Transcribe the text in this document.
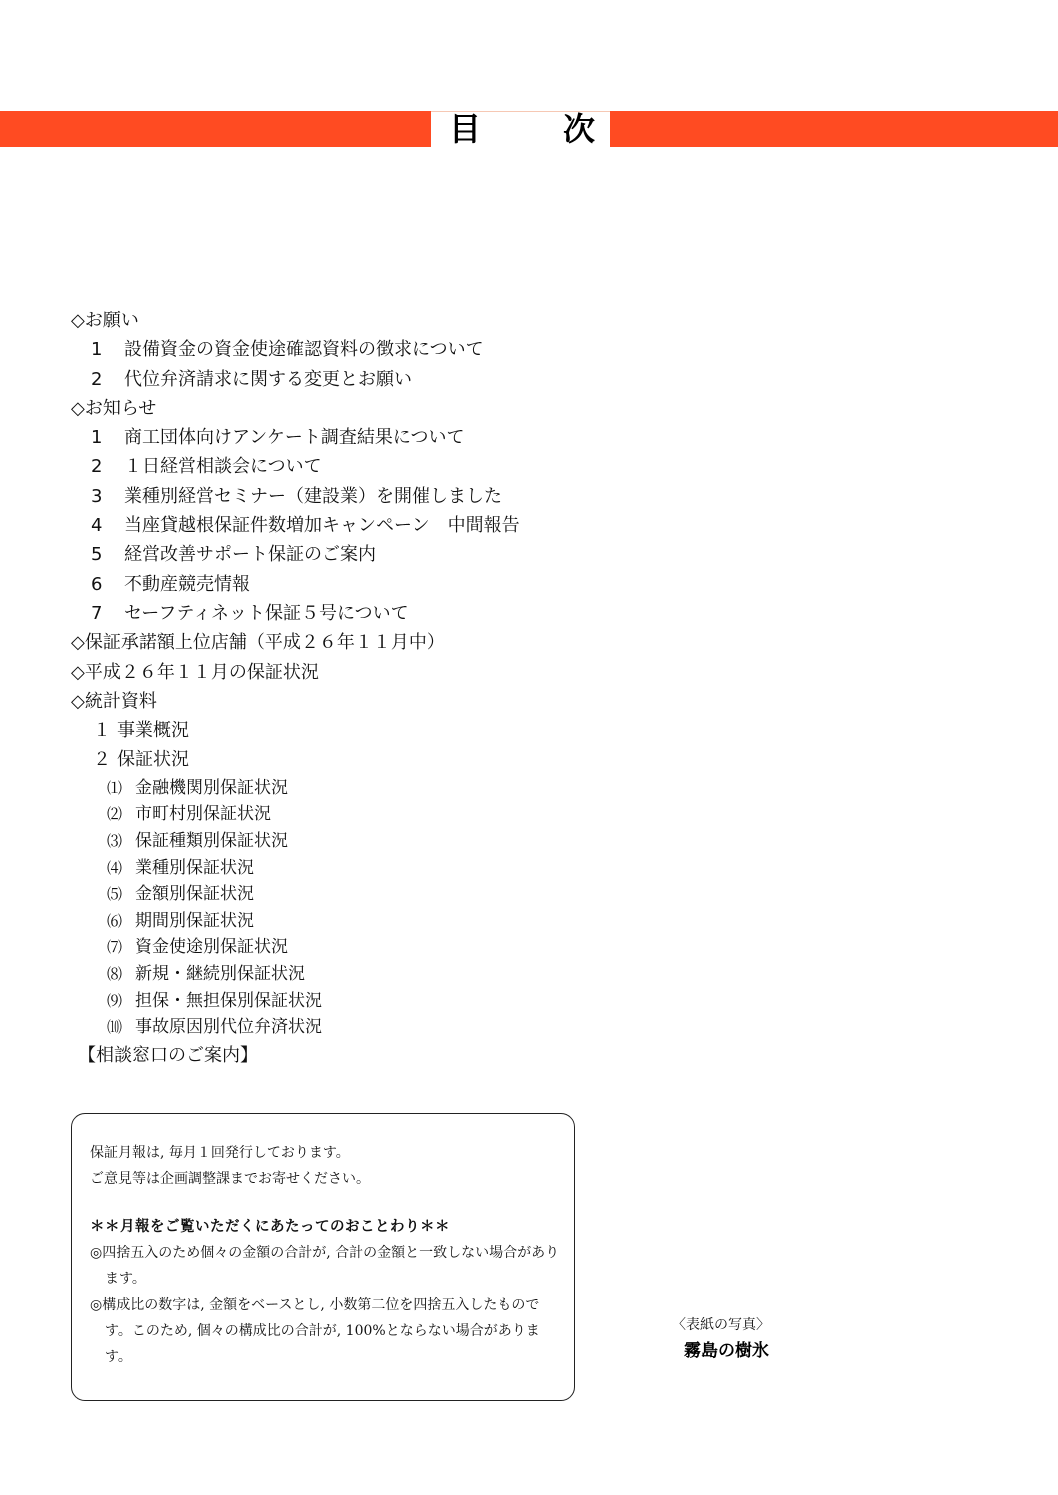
目	次
◇お願い
1 設備資金の資金使途確認資料の徴求について
2 代位弁済請求に関する変更とお願い
◇お知らせ
1 商工団体向けアンケート調査結果について
2 １日経営相談会について
3 業種別経営セミナー（建設業）を開催しました
4 当座貸越根保証件数増加キャンペーン　中間報告
5 経営改善サポート保証のご案内
6 不動産競売情報
7 セーフティネット保証５号について
◇保証承諾額上位店舗（平成２６年１１月中）
◇平成２６年１１月の保証状況
◇統計資料
１ 事業概況
２ 保証状況
⑴ 金融機関別保証状況
⑵ 市町村別保証状況
⑶ 保証種類別保証状況
⑷ 業種別保証状況
⑸ 金額別保証状況
⑹ 期間別保証状況
⑺ 資金使途別保証状況
⑻ 新規・継続別保証状況
⑼ 担保・無担保別保証状況
⑽ 事故原因別代位弁済状況
【相談窓口のご案内】

保証月報は, 毎月１回発行しております。

ご意見等は企画調整課までお寄せください。

＊＊月報をご覧いただくにあたってのおことわり＊＊

◎四捨五入のため個々の金額の合計が, 合計の金額と一致しない場合があります。

◎構成比の数字は, 金額をベースとし, 小数第二位を四捨五入したものです。このため, 個々の構成比の合計が, 100%とならない場合があります。

〈表紙の写真〉
霧島の樹氷
